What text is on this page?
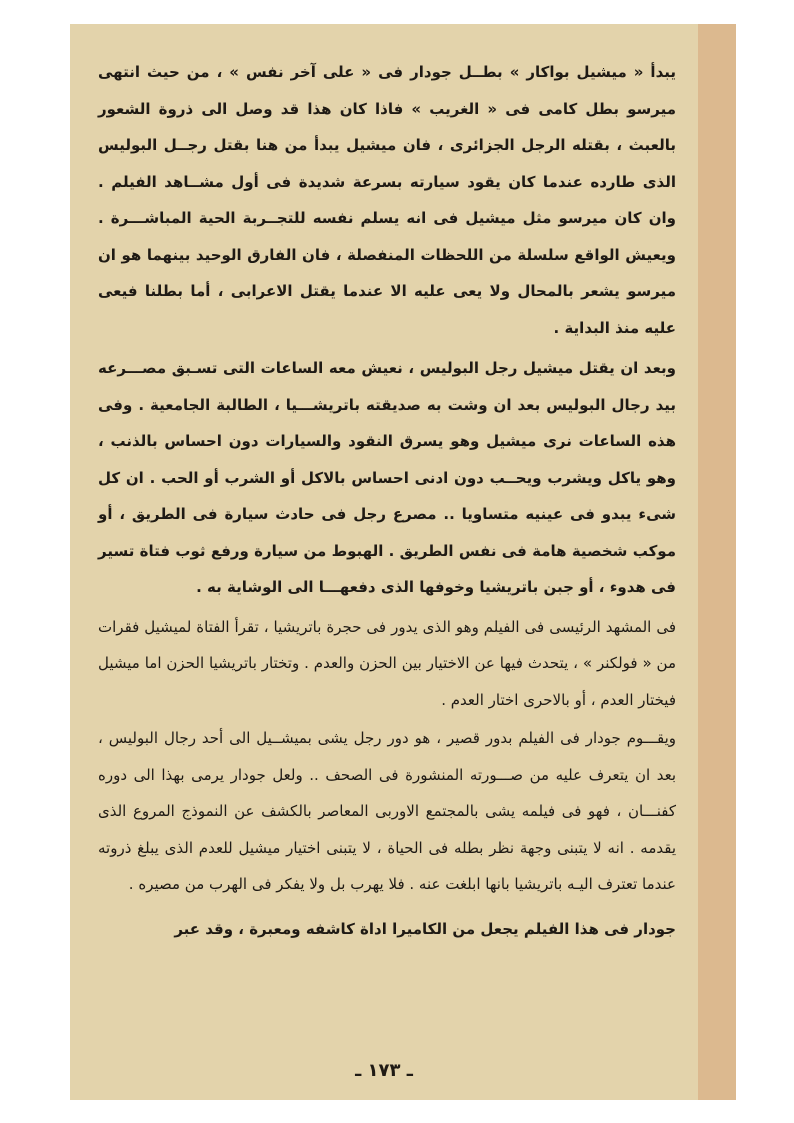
يبدأ « ميشيل بواكار » بطــل جودار فى « على آخر نفس » ، من حيث انتهى ميرسو بطل كامى فى « الغريب » فاذا كان هذا قد وصل الى ذروة الشعور بالعبث ، بقتله الرجل الجزائرى ، فان ميشيل يبدأ من هنا بقتل رجــل البوليس الذى طارده عندما كان يقود سيارته بسرعة شديدة فى أول مشــاهد الفيلم . وان كان ميرسو مثل ميشيل فى انه يسلم نفسه للتجــربة الحية المباشـــرة . ويعيش الواقع سلسلة من اللحظات المنفصلة ، فان الفارق الوحيد بينهما هو ان ميرسو يشعر بالمحال ولا يعى عليه الا عندما يقتل الاعرابى ، أما بطلنا فيعى عليه منذ البداية .

وبعد ان يقتل ميشيل رجل البوليس ، نعيش معه الساعات التى تسـبق مصـــرعه بيد رجال البوليس بعد ان وشت به صديقته باتريشـــيا ، الطالبة الجامعية . وفى هذه الساعات نرى ميشيل وهو يسرق النقود والسيارات دون احساس بالذنب ، وهو ياكل ويشرب ويحــب دون ادنى احساس بالاكل أو الشرب أو الحب . ان كل شىء يبدو فى عينيه متساويا .. مصرع رجل فى حادث سيارة فى الطريق ، أو موكب شخصية هامة فى نفس الطريق . الهبوط من سيارة ورفع ثوب فتاة تسير فى هدوء ، أو جبن باتريشيا وخوفها الذى دفعهـــا الى الوشاية به .

فى المشهد الرئيسى فى الفيلم وهو الذى يدور فى حجرة باتريشيا ، تقرأ الفتاة لميشيل فقرات من « فولكنر » ، يتحدث فيها عن الاختيار بين الحزن والعدم . وتختار باتريشيا الحزن اما ميشيل فيختار العدم ، أو بالاحرى اختار العدم .

ويقـــوم جودار فى الفيلم بدور قصير ، هو دور رجل يشى بميشــيل الى أحد رجال البوليس ، بعد ان يتعرف عليه من صـــورته المنشورة فى الصحف .. ولعل جودار يرمى بهذا الى دوره كفنـــان ، فهو فى فيلمه يشى بالمجتمع الاوربى المعاصر بالكشف عن النموذج المروع الذى يقدمه . انه لا يتبنى وجهة نظر بطله فى الحياة ، لا يتبنى اختيار ميشيل للعدم الذى يبلغ ذروته عندما تعترف اليـه باتريشيا بانها ابلغت عنه . فلا يهرب بل ولا يفكر فى الهرب من مصيره .

جودار فى هذا الفيلم يجعل من الكاميرا اداة كاشفه ومعبرة ، وقد عبر

ـ ١٧٣ ـ
